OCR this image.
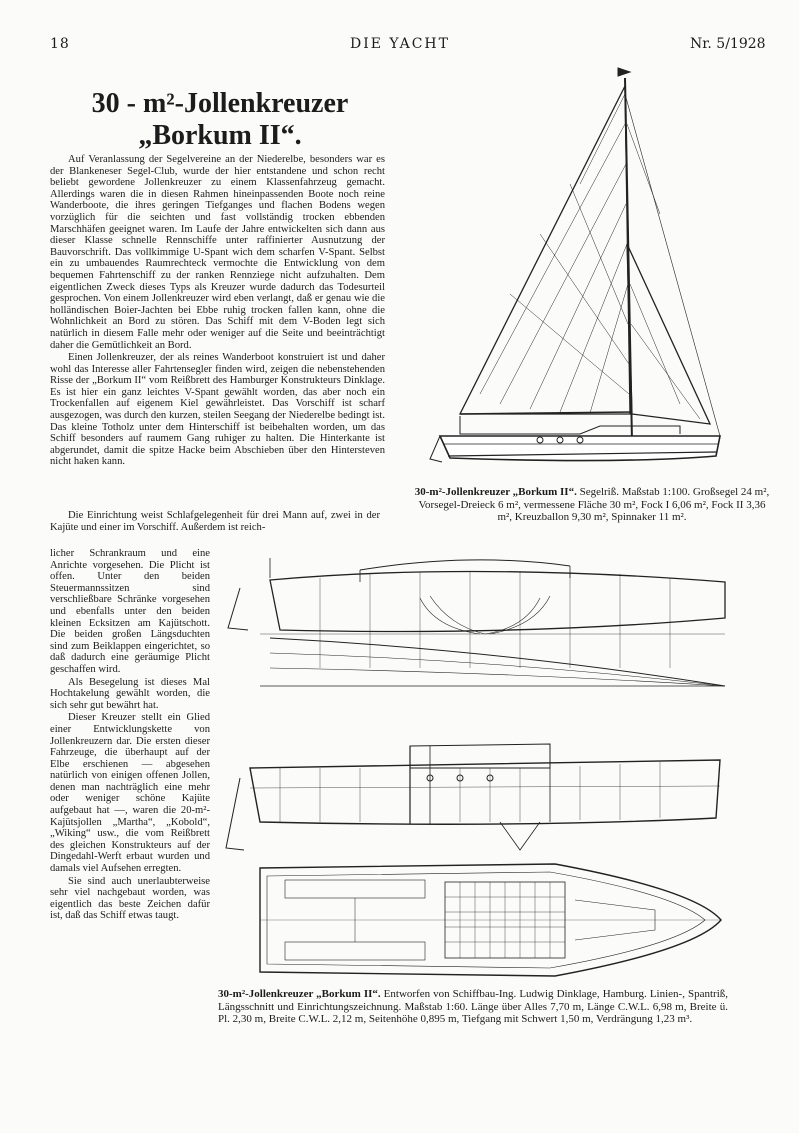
18	DIE YACHT	Nr. 5/1928
30 - m²-Jollenkreuzer
„Borkum II“.

Auf Veranlassung der Segelvereine an der Niederelbe, besonders war es der Blankeneser Segel-Club, wurde der hier entstandene und schon recht beliebt gewordene Jollenkreuzer zu einem Klassenfahrzeug gemacht. Allerdings waren die in diesen Rahmen hineinpassenden Boote noch reine Wanderboote, die ihres geringen Tiefganges und flachen Bodens wegen vorzüglich für die seichten und fast vollständig trocken ebbenden Marschhäfen geeignet waren. Im Laufe der Jahre entwickelten sich dann aus dieser Klasse schnelle Rennschiffe unter raffinierter Ausnutzung der Bauvorschrift. Das vollkimmige U-Spant wich dem scharfen V-Spant. Selbst ein zu umbauendes Raumrechteck vermochte die Entwicklung von dem bequemen Fahrtenschiff zu der ranken Rennziege nicht aufzuhalten. Dem eigentlichen Zweck dieses Typs als Kreuzer wurde dadurch das Todesurteil gesprochen. Von einem Jollenkreuzer wird eben verlangt, daß er genau wie die holländischen Boier-Jachten bei Ebbe ruhig trocken fallen kann, ohne die Wohnlichkeit an Bord zu stören. Das Schiff mit dem V-Boden legt sich natürlich in diesem Falle mehr oder weniger auf die Seite und beeinträchtigt daher die Gemütlichkeit an Bord.

Einen Jollenkreuzer, der als reines Wanderboot konstruiert ist und daher wohl das Interesse aller Fahrtensegler finden wird, zeigen die nebenstehenden Risse der „Borkum II“ vom Reißbrett des Hamburger Konstrukteurs Dinklage. Es ist hier ein ganz leichtes V-Spant gewählt worden, das aber noch ein Trockenfallen auf eigenem Kiel gewährleistet. Das Vorschiff ist scharf ausgezogen, was durch den kurzen, steilen Seegang der Niederelbe bedingt ist. Das kleine Totholz unter dem Hinterschiff ist beibehalten worden, um das Schiff besonders auf raumem Gang ruhiger zu halten. Die Hinterkante ist abgerundet, damit die spitze Hacke beim Abschieben über den Hintersteven nicht haken kann.

Die Einrichtung weist Schlafgelegenheit für drei Mann auf, zwei in der Kajüte und einer im Vorschiff. Außerdem ist reich-

licher Schrankraum und eine Anrichte vorgesehen. Die Plicht ist offen. Unter den beiden Steuermannssitzen sind verschließbare Schränke vorgesehen und ebenfalls unter den beiden kleinen Ecksitzen am Kajütschott. Die beiden großen Längsduchten sind zum Beiklappen eingerichtet, so daß dadurch eine geräumige Plicht geschaffen wird.

Als Besegelung ist dieses Mal Hochtakelung gewählt worden, die sich sehr gut bewährt hat.

Dieser Kreuzer stellt ein Glied einer Entwicklungskette von Jollenkreuzern dar. Die ersten dieser Fahrzeuge, die überhaupt auf der Elbe erschienen — abgesehen natürlich von einigen offenen Jollen, denen man nachträglich eine mehr oder weniger schöne Kajüte aufgebaut hat —, waren die 20-m²-Kajütsjollen „Martha“, „Kobold“, „Wiking“ usw., die vom Reißbrett des gleichen Konstrukteurs auf der Dingedahl-Werft erbaut wurden und damals viel Aufsehen erregten.

Sie sind auch unerlaubterweise sehr viel nachgebaut worden, was eigentlich das beste Zeichen dafür ist, daß das Schiff etwas taugt.

30-m²-Jollenkreuzer „Borkum II“. Segelriß. Maßstab 1:100. Großsegel 24 m², Vorsegel-Dreieck 6 m², vermessene Fläche 30 m², Fock I 6,06 m², Fock II 3,36 m², Kreuzballon 9,30 m², Spinnaker 11 m².
30-m²-Jollenkreuzer „Borkum II“. Entworfen von Schiffbau-Ing. Ludwig Dinklage, Hamburg. Linien-, Spantriß, Längsschnitt und Einrichtungszeichnung. Maßstab 1:60. Länge über Alles 7,70 m, Länge C.W.L. 6,98 m, Breite ü. Pl. 2,30 m, Breite C.W.L. 2,12 m, Seitenhöhe 0,895 m, Tiefgang mit Schwert 1,50 m, Verdrängung 1,23 m³.
